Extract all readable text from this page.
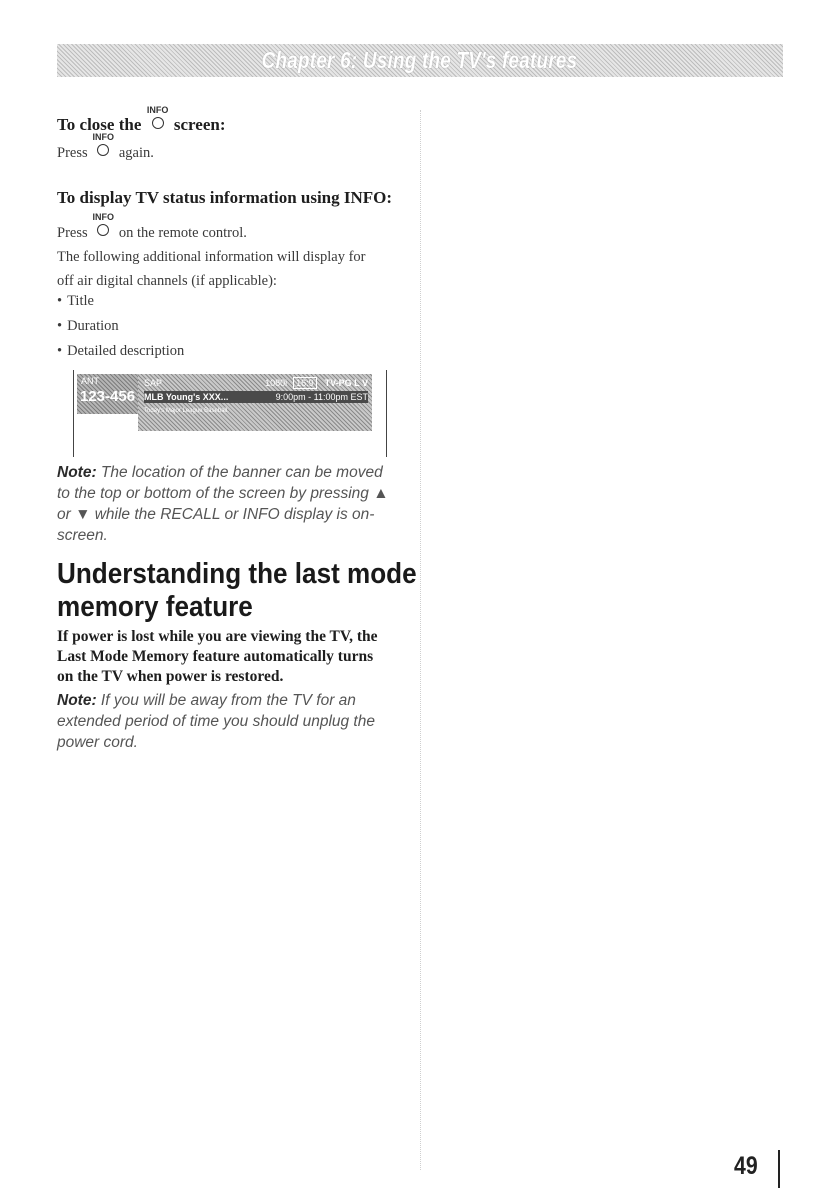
Chapter 6: Using the TV's features
To close the
INFO
screen:
Press
INFO
again.
To display TV status information using INFO:
Press
INFO
on the remote control.
The following additional information will display for
off air digital channels (if applicable):
• Title
• Duration
• Detailed description
ANT
123-456
SAP	1080i	16:9	TV-PG L V
MLB Young's XXX...	9:00pm - 11:00pm EST
Today's Major League Baseball.
Note: The location of the banner can be moved
to the top or bottom of the screen by pressing ▲
or ▼ while the RECALL or INFO display is on-
screen.
Understanding the last mode
memory feature
If power is lost while you are viewing the TV, the
Last Mode Memory feature automatically turns
on the TV when power is restored.
Note: If you will be away from the TV for an
extended period of time you should unplug the
power cord.
49
